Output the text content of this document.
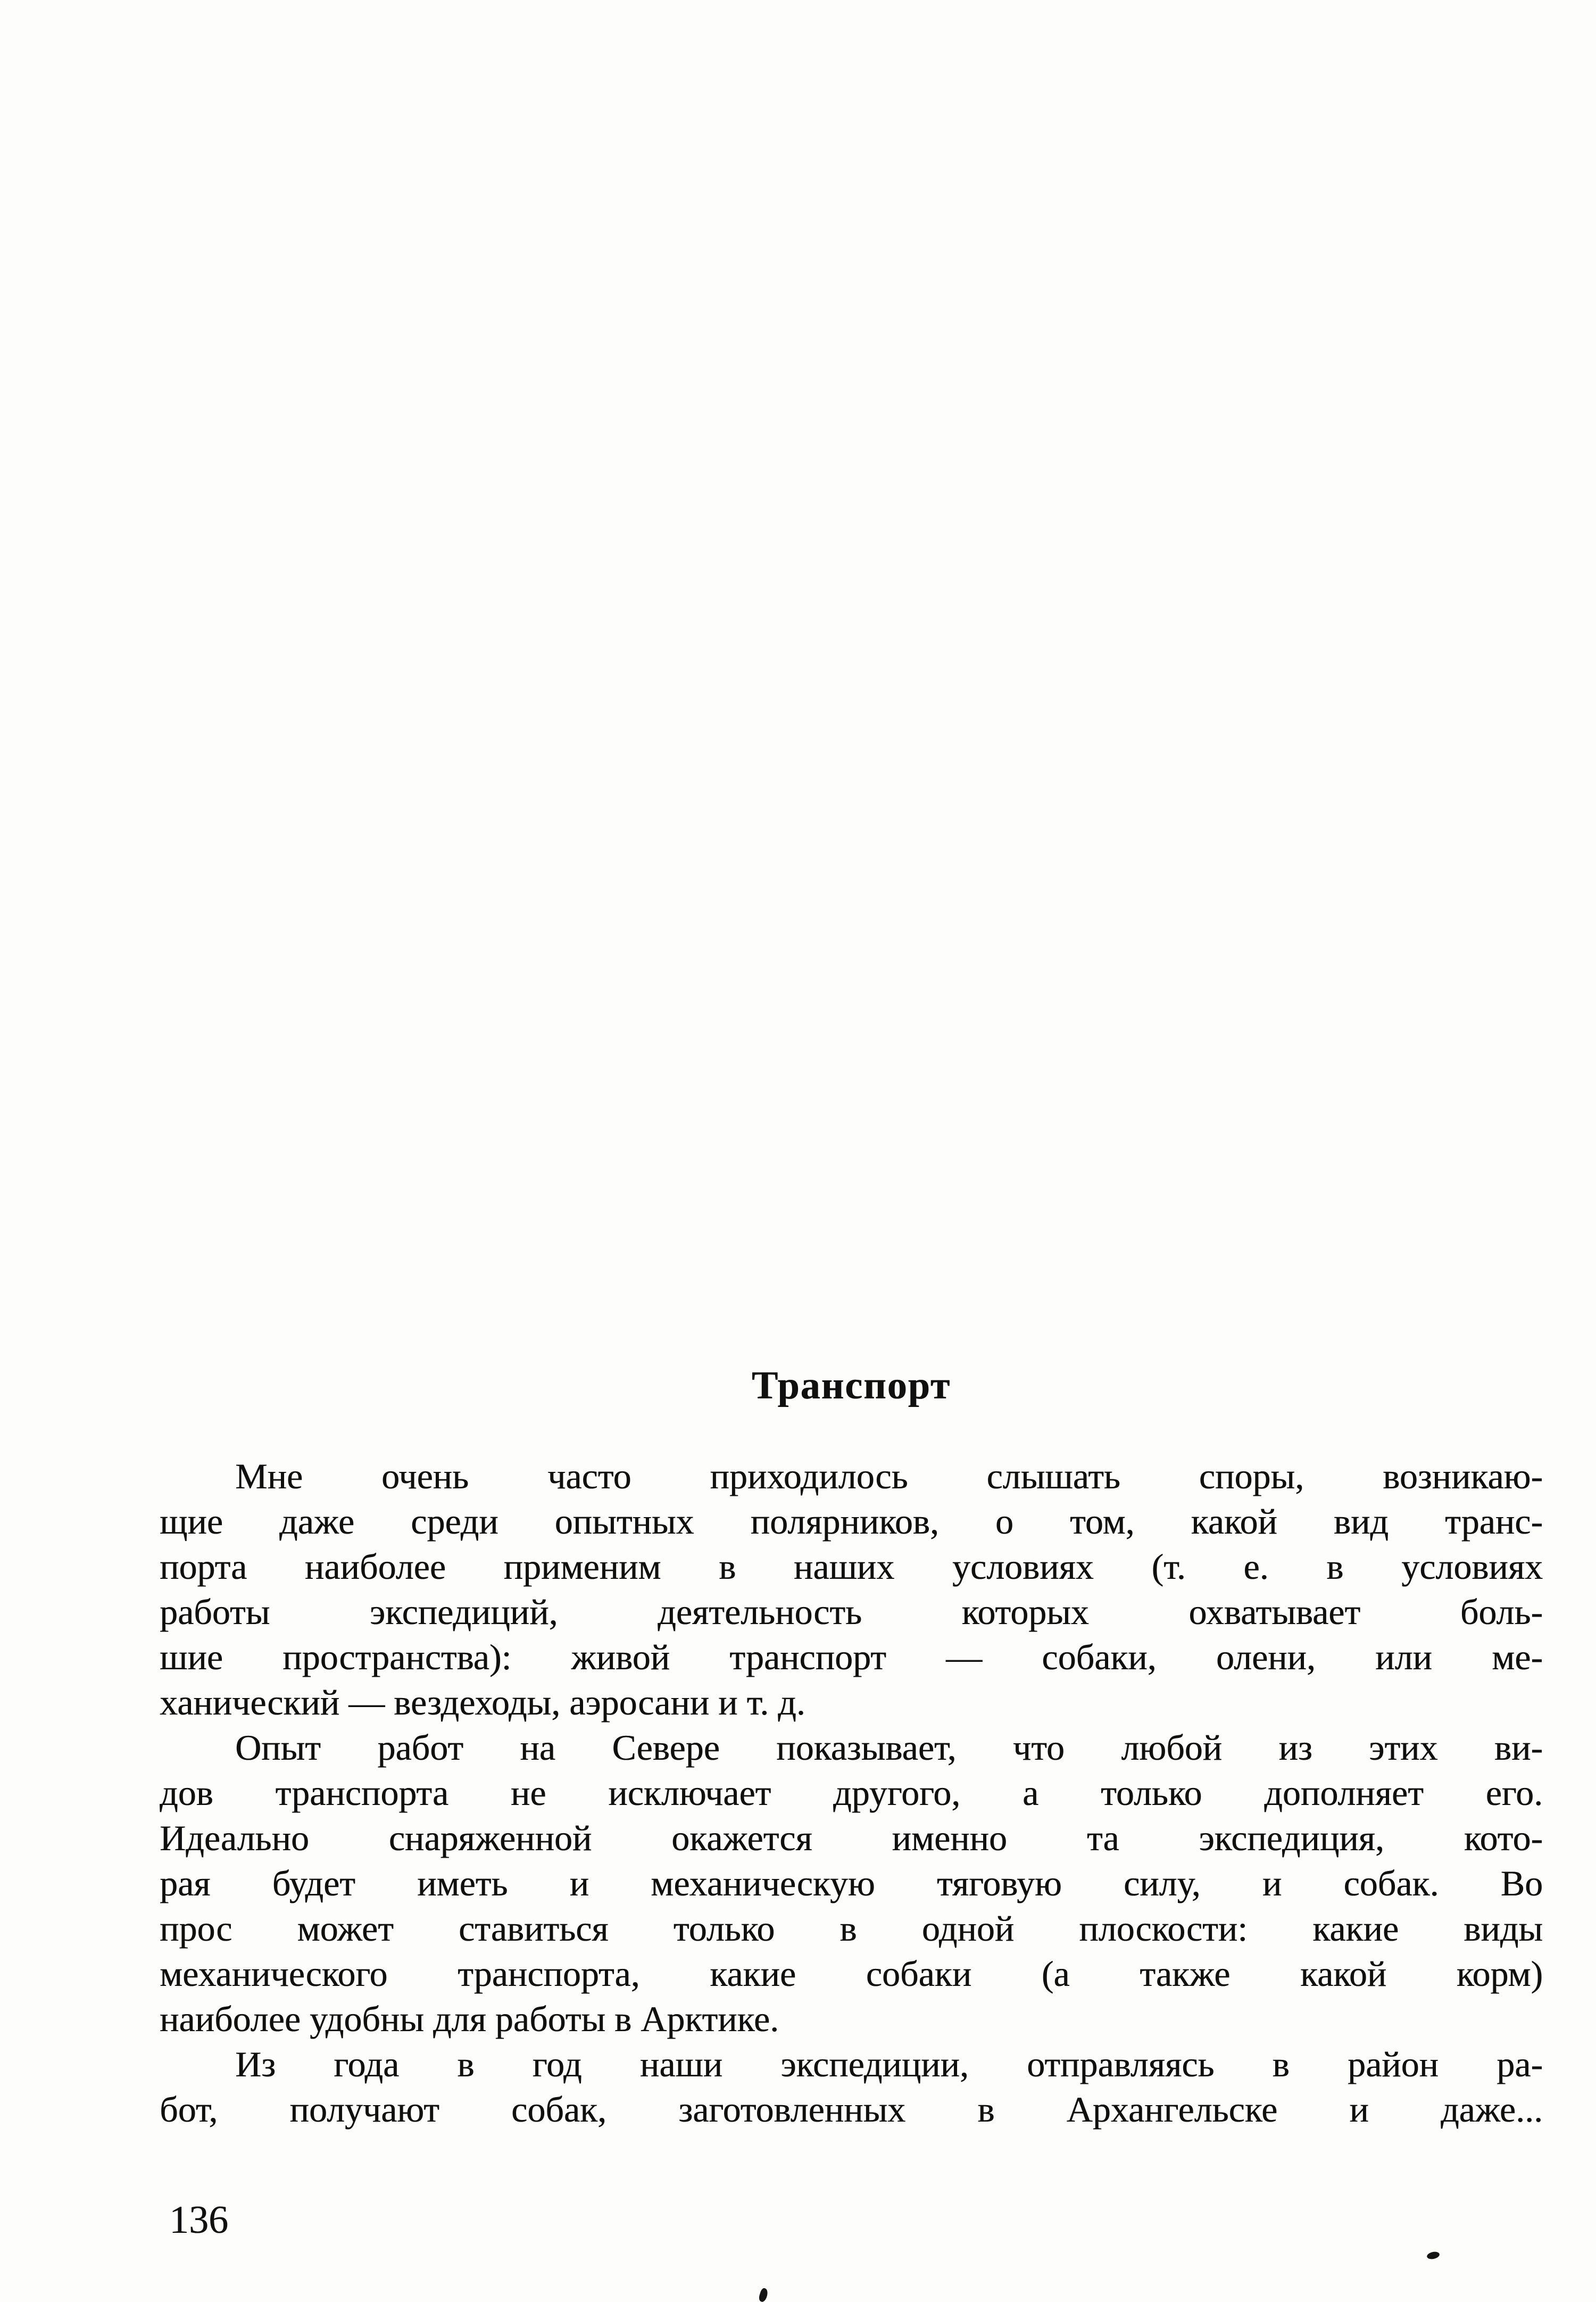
Транспорт
Мне очень часто приходилось слышать споры, возникаю-
щие даже среди опытных полярников, о том, какой вид транс-
порта наиболее применим в наших условиях (т. е. в условиях
работы экспедиций, деятельность которых охватывает боль-
шие пространства): живой транспорт — собаки, олени, или ме-
ханический — вездеходы, аэросани и т. д.
Опыт работ на Севере показывает, что любой из этих ви-
дов транспорта не исключает другого, а только дополняет его.
Идеально снаряженной окажется именно та экспедиция, кото-
рая будет иметь и механическую тяговую силу, и собак. Во
прос может ставиться только в одной плоскости: какие виды
механического транспорта, какие собаки (а также какой корм)
наиболее удобны для работы в Арктике.
Из года в год наши экспедиции, отправляясь в район ра-
бот, получают собак, заготовленных в Архангельске и даже...
136
